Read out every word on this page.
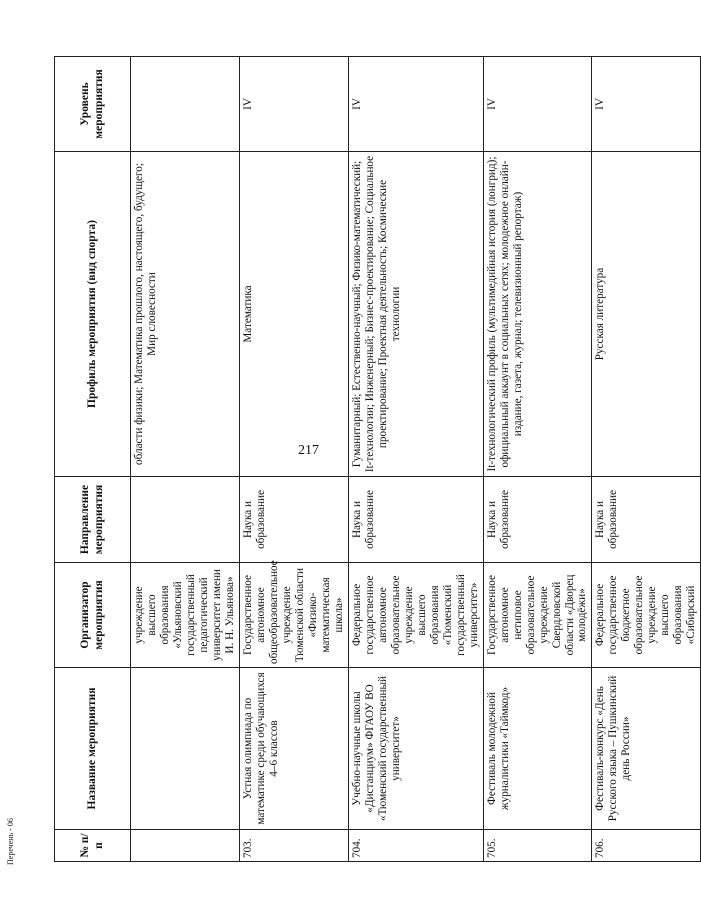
217
Перечень - 06	№ п/п	Название мероприятия	Организатор мероприятия	Направление мероприятия	Профиль мероприятия (вид спорта)	Уровень мероприятия
		учреждение высшего образования «Ульяновский государственный педагогический университет имени И. Н. Ульянова»		области физики; Математика прошлого, настоящего, будущего; Мир словесности	
703.	Устная олимпиада по математике среди обучающихся 4–6 классов	Государственное автономное общеобразовательное учреждение Тюменской области «Физико-математическая школа»	Наука и образование	Математика	IV
704.	Учебно-научные школы «Дистанциум» ФГАОУ ВО «Тюменский государственный университет»	Федеральное государственное автономное образовательное учреждение высшего образования «Тюменский государственный университет»	Наука и образование	Гуманитарный; Естественно-научный; Физико-математический; It-технологии; Инженерный; Бизнес-проектирование; Социальное проектирование; Проектная деятельность; Космические технологии	IV
705.	Фестиваль молодежной журналистики «Таймкод»	Государственное автономное нетиповое образовательное учреждение Свердловской области «Дворец молодёжи»	Наука и образование	It-технологический профиль (мультимедийная история (лонгрид); официальный аккаунт в социальных сетях; молодежное онлайн-издание, газета, журнал; телевизионный репортаж)	IV
706.	Фестиваль-конкурс «День Русского языка – Пушкинский день России»	Федеральное государственное бюджетное образовательное учреждение высшего образования «Сибирский	Наука и образование	Русская литература	IV
